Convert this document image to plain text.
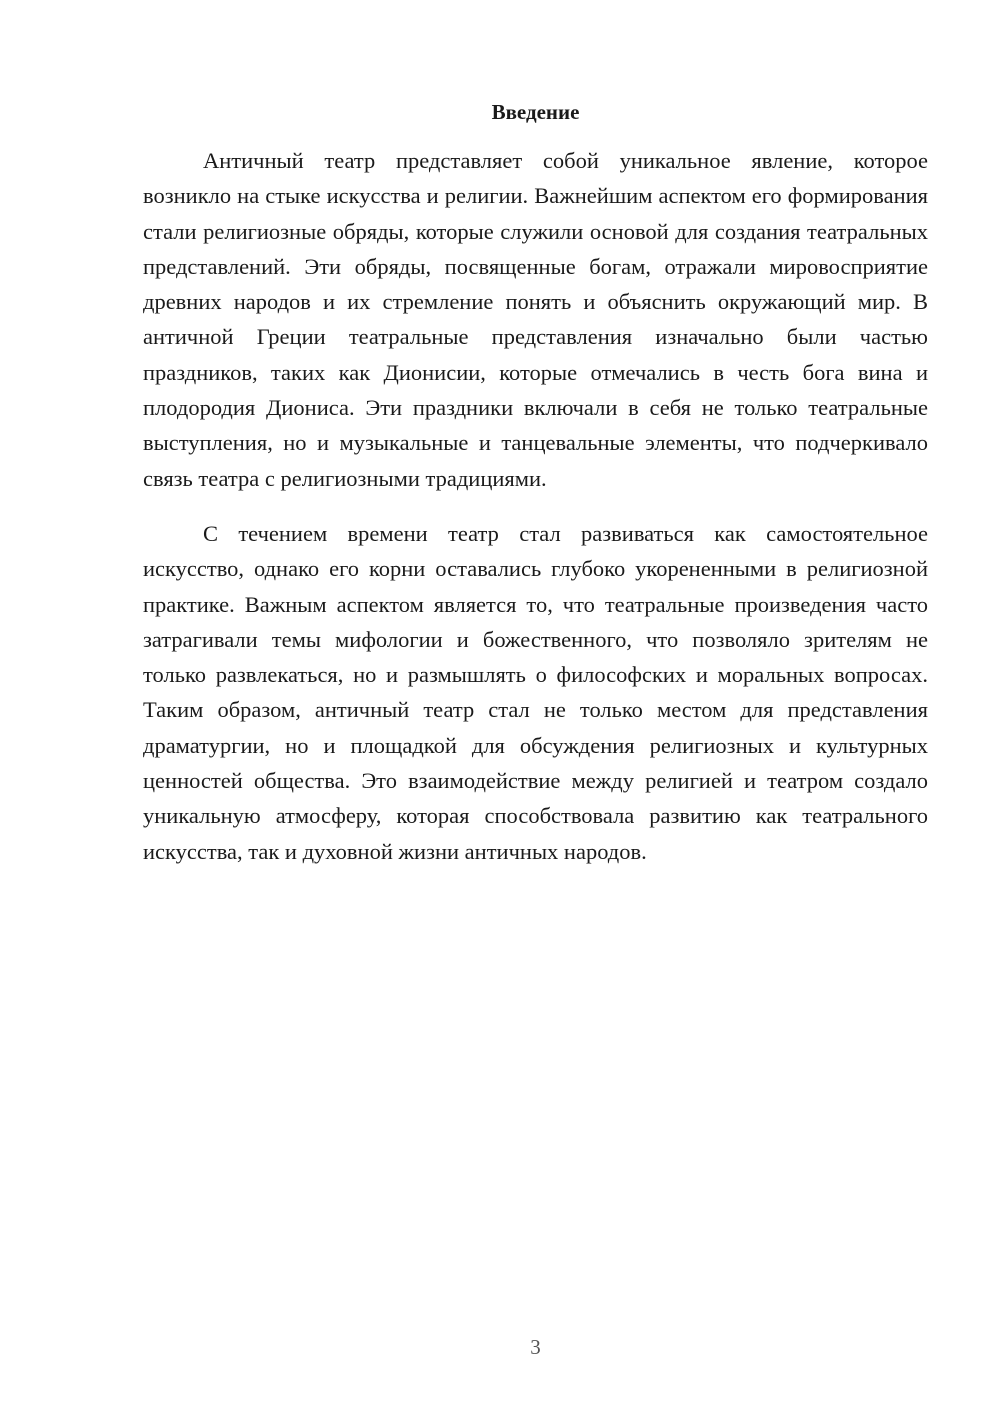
Введение

Античный театр представляет собой уникальное явление, которое возникло на стыке искусства и религии. Важнейшим аспектом его формирования стали религиозные обряды, которые служили основой для создания театральных представлений. Эти обряды, посвященные богам, отражали мировосприятие древних народов и их стремление понять и объяснить окружающий мир. В античной Греции театральные представления изначально были частью праздников, таких как Дионисии, которые отмечались в честь бога вина и плодородия Диониса. Эти праздники включали в себя не только театральные выступления, но и музыкальные и танцевальные элементы, что подчеркивало связь театра с религиозными традициями.

С течением времени театр стал развиваться как самостоятельное искусство, однако его корни оставались глубоко укорененными в религиозной практике. Важным аспектом является то, что театральные произведения часто затрагивали темы мифологии и божественного, что позволяло зрителям не только развлекаться, но и размышлять о философских и моральных вопросах. Таким образом, античный театр стал не только местом для представления драматургии, но и площадкой для обсуждения религиозных и культурных ценностей общества. Это взаимодействие между религией и театром создало уникальную атмосферу, которая способствовала развитию как театрального искусства, так и духовной жизни античных народов.

3
